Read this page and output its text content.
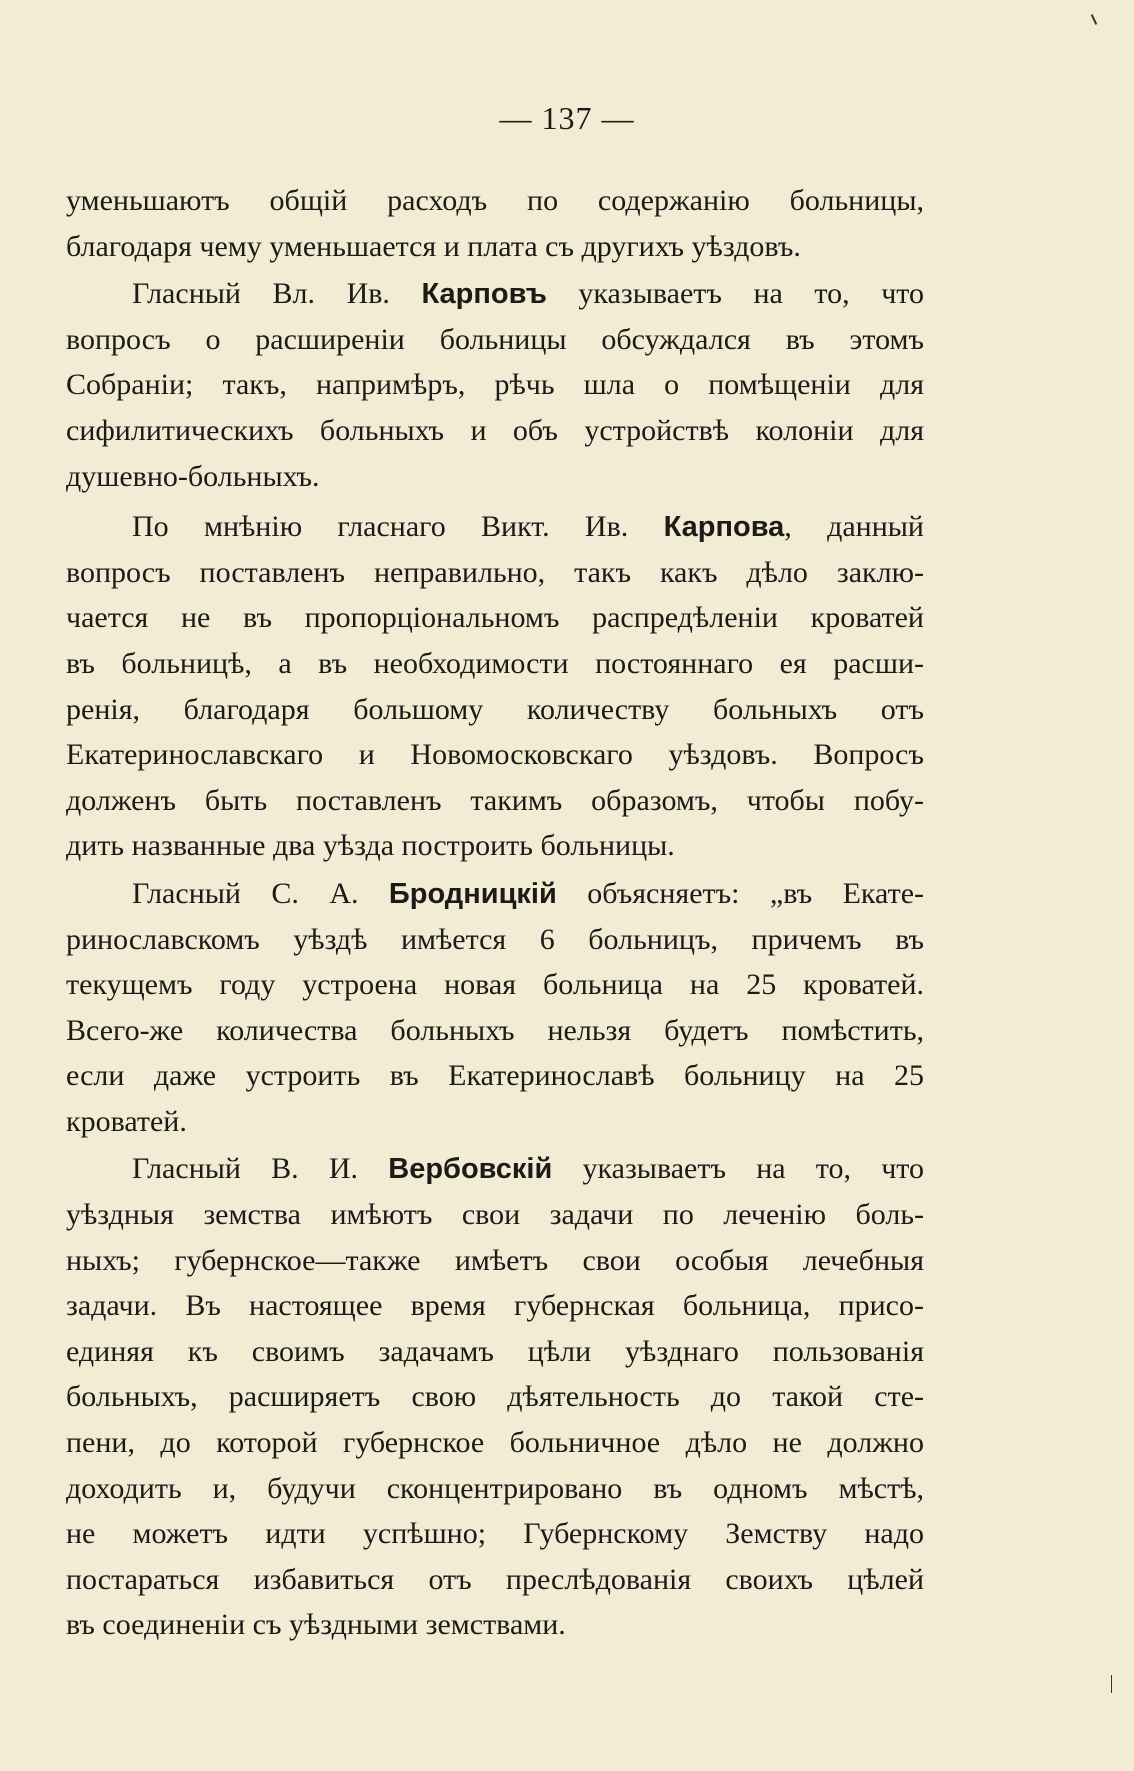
— 137 —
уменьшаютъ общій расходъ по содержанію больницы,
благодаря чему уменьшается и плата съ другихъ уѣздовъ.
Гласный Вл. Ив. Карповъ указываетъ на то, что
вопросъ о расширеніи больницы обсуждался въ этомъ
Собраніи; такъ, напримѣръ, рѣчь шла о помѣщеніи для
сифилитическихъ больныхъ и объ устройствѣ колоніи для
душевно-больныхъ.
По мнѣнію гласнаго Викт. Ив. Карпова, данный
вопросъ поставленъ неправильно, такъ какъ дѣло заклю-
чается не въ пропорціональномъ распредѣленіи кроватей
въ больницѣ, а въ необходимости постояннаго ея расши-
ренія, благодаря большому количеству больныхъ отъ
Екатеринославскаго и Новомосковскаго уѣздовъ. Вопросъ
долженъ быть поставленъ такимъ образомъ, чтобы побу-
дить названные два уѣзда построить больницы.
Гласный С. А. Бродницкій объясняетъ: „въ Екате-
ринославскомъ уѣздѣ имѣется 6 больницъ, причемъ въ
текущемъ году устроена новая больница на 25 кроватей.
Всего-же количества больныхъ нельзя будетъ помѣстить,
если даже устроить въ Екатеринославѣ больницу на 25
кроватей.
Гласный В. И. Вербовскій указываетъ на то, что
уѣздныя земства имѣютъ свои задачи по леченію боль-
ныхъ; губернское—также имѣетъ свои особыя лечебныя
задачи. Въ настоящее время губернская больница, присо-
единяя къ своимъ задачамъ цѣли уѣзднаго пользованія
больныхъ, расширяетъ свою дѣятельность до такой сте-
пени, до которой губернское больничное дѣло не должно
доходить и, будучи сконцентрировано въ одномъ мѣстѣ,
не можетъ идти успѣшно; Губернскому Земству надо
постараться избавиться отъ преслѣдованія своихъ цѣлей
въ соединеніи съ уѣздными земствами.
